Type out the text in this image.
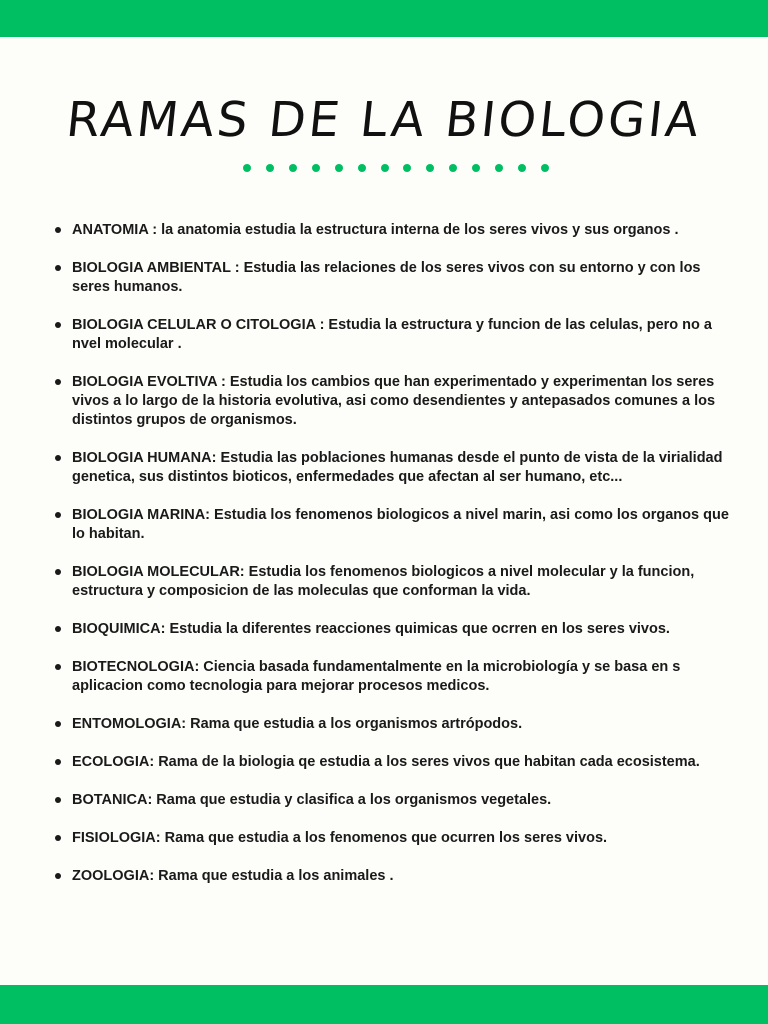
RAMAS DE LA BIOLOGIA
ANATOMIA : la anatomia estudia la estructura interna de los seres vivos y sus organos .
BIOLOGIA AMBIENTAL : Estudia las relaciones de los seres vivos con su entorno y con los seres humanos.
BIOLOGIA CELULAR O CITOLOGIA : Estudia la estructura y funcion de las celulas, pero no a nvel molecular .
BIOLOGIA EVOLTIVA : Estudia los cambios que han experimentado y experimentan los seres vivos a lo largo de la historia evolutiva, asi como desendientes y antepasados comunes a los distintos grupos de organismos.
BIOLOGIA HUMANA: Estudia las poblaciones humanas desde el punto de vista de la virialidad genetica, sus distintos bioticos, enfermedades que afectan al ser humano, etc...
BIOLOGIA MARINA: Estudia los fenomenos biologicos a nivel marin, asi como los organos que lo habitan.
BIOLOGIA MOLECULAR: Estudia los fenomenos biologicos a nivel molecular y la funcion, estructura y composicion de las moleculas que conforman la vida.
BIOQUIMICA: Estudia la diferentes reacciones quimicas que ocrren en los seres vivos.
BIOTECNOLOGIA: Ciencia basada fundamentalmente en la microbiología y se basa en s aplicacion como tecnologia para mejorar procesos medicos.
ENTOMOLOGIA: Rama que estudia a los organismos artrópodos.
ECOLOGIA: Rama de la biologia qe estudia a los seres vivos que habitan cada ecosistema.
BOTANICA: Rama que estudia y clasifica a los organismos vegetales.
FISIOLOGIA: Rama que estudia a los fenomenos que ocurren los seres vivos.
ZOOLOGIA: Rama que estudia a los animales .
